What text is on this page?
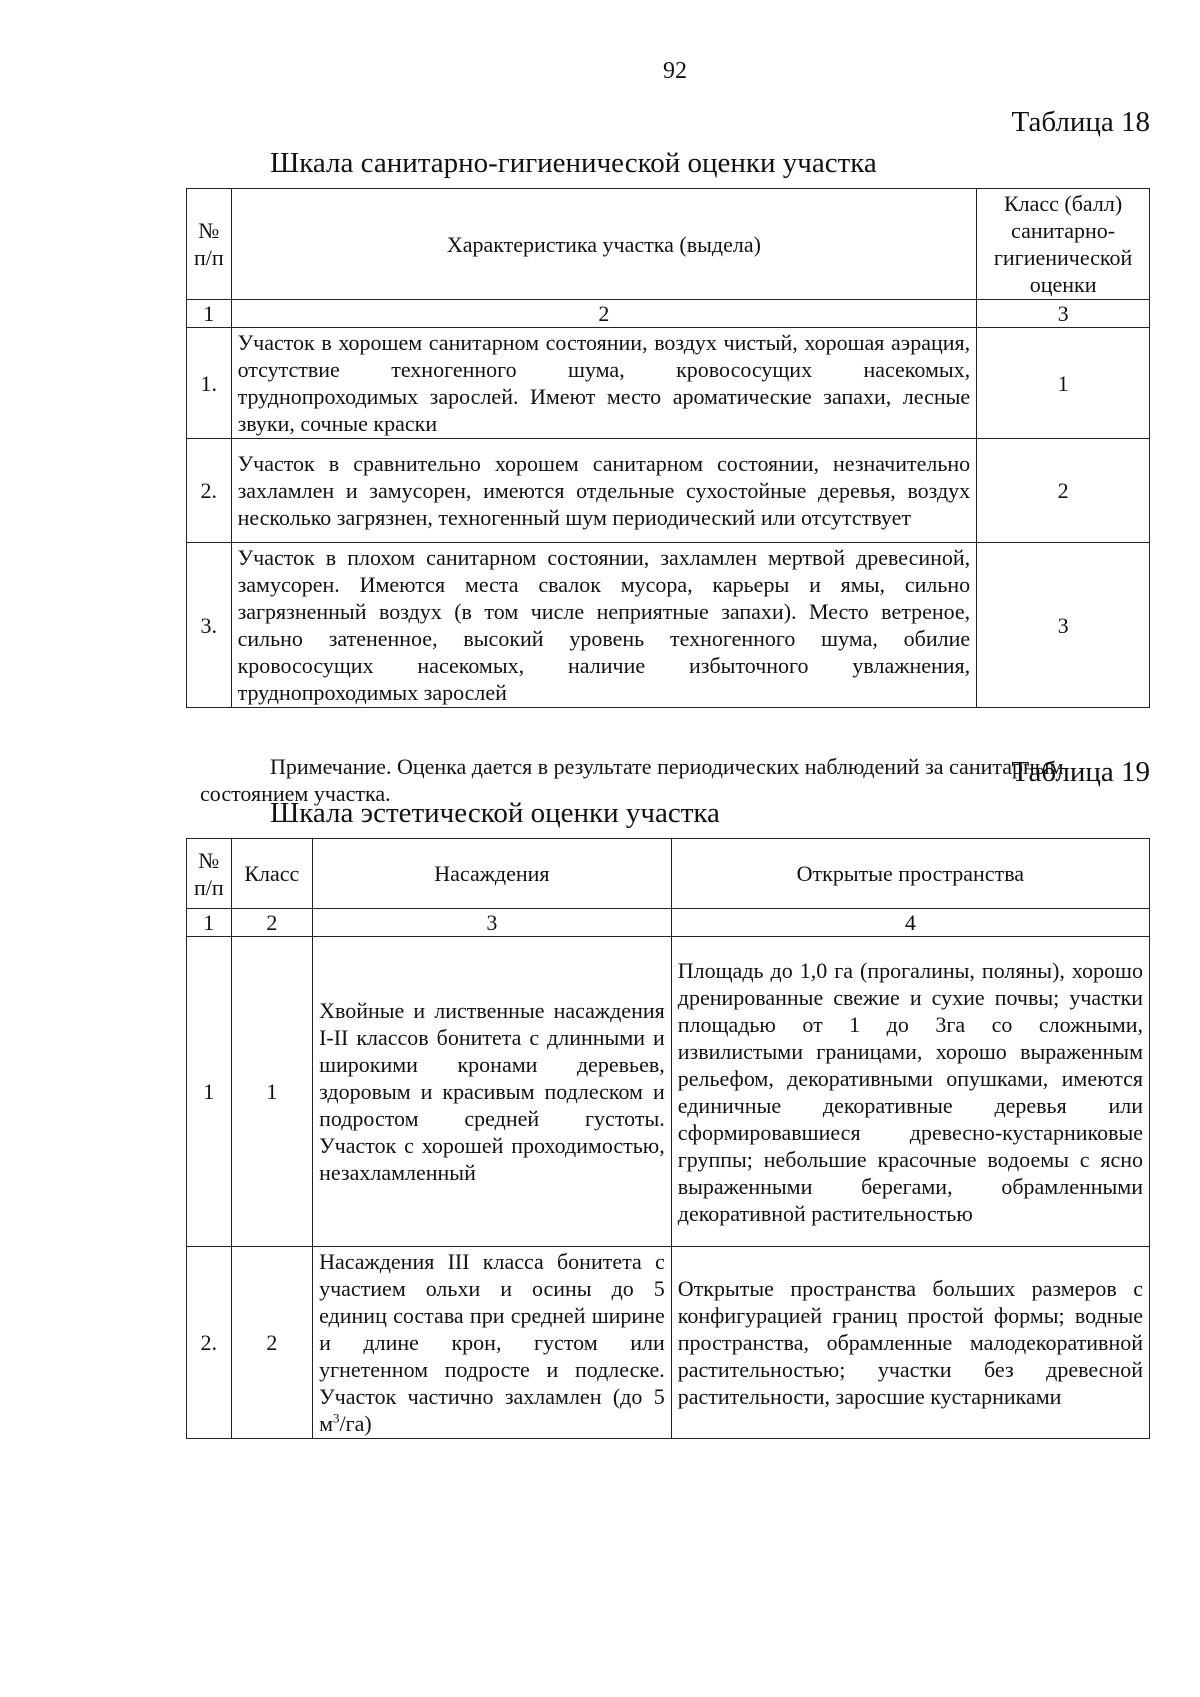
92
Таблица 18
Шкала санитарно-гигиенической оценки участка
№ п/п	Характеристика участка (выдела)	Класс (балл) санитарно-гигиенической оценки
1	2	3
1.	Участок в хорошем санитарном состоянии, воздух чистый, хорошая аэрация, отсутствие техногенного шума, кровососущих насекомых, труднопроходимых зарослей. Имеют место ароматические запахи, лесные звуки, сочные краски	1
2.	Участок в сравнительно хорошем санитарном состоянии, незначительно захламлен и замусорен, имеются отдельные сухостойные деревья, воздух несколько загрязнен, техногенный шум периодический или отсутствует	2
3.	Участок в плохом санитарном состоянии, захламлен мертвой древесиной, замусорен. Имеются места свалок мусора, карьеры и ямы, сильно загрязненный воздух (в том числе неприятные запахи). Место ветреное, сильно затененное, высокий уровень техногенного шума, обилие кровососущих насекомых, наличие избыточного увлажнения, труднопроходимых зарослей	3
Примечание. Оценка дается в результате периодических наблюдений за санитарным состоянием участка.
Таблица 19
Шкала эстетической оценки участка
№ п/п	Класс	Насаждения	Открытые пространства
1	2	3	4
1	1	Хвойные и лиственные насаждения I-II классов бонитета с длинными и широкими кронами деревьев, здоровым и красивым подлеском и подростом средней густоты. Участок с хорошей проходимостью, незахламленный	Площадь до 1,0 га (прогалины, поляны), хорошо дренированные свежие и сухие почвы; участки площадью от 1 до 3га со сложными, извилистыми границами, хорошо выраженным рельефом, декоративными опушками, имеются единичные декоративные деревья или сформировавшиеся древесно-кустарниковые группы; небольшие красочные водоемы с ясно выраженными берегами, обрамленными декоративной растительностью
2.	2	Насаждения III класса бонитета с участием ольхи и осины до 5 единиц состава при средней ширине и длине крон, густом или угнетенном подросте и подлеске. Участок частично захламлен (до 5 $м^3/га$)	Открытые пространства больших размеров с конфигурацией границ простой формы; водные пространства, обрамленные малодекоративной растительностью; участки без древесной растительности, заросшие кустарниками
